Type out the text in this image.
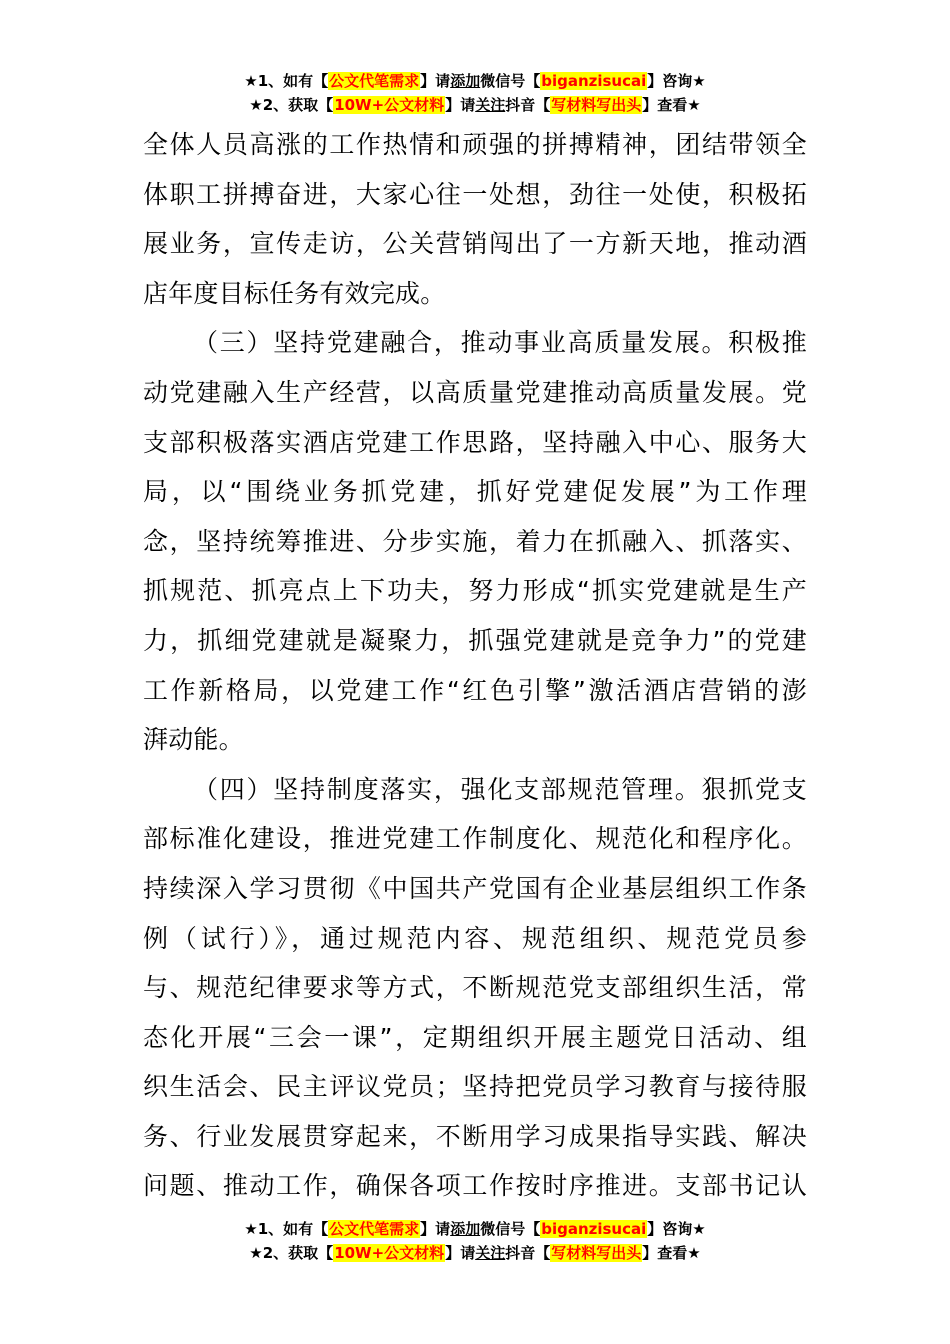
★1、如有【公文代笔需求】请添加微信号【biganzisucai】咨询★
★2、获取【10W+公文材料】请关注抖音【写材料写出头】查看★
全体人员高涨的工作热情和顽强的拼搏精神，团结带领全
体职工拼搏奋进，大家心往一处想，劲往一处使，积极拓
展业务，宣传走访，公关营销闯出了一方新天地，推动酒
店年度目标任务有效完成。
（三）坚持党建融合，推动事业高质量发展。积极推
动党建融入生产经营，以高质量党建推动高质量发展。党
支部积极落实酒店党建工作思路，坚持融入中心、服务大
局，以“围绕业务抓党建，抓好党建促发展”为工作理
念，坚持统筹推进、分步实施，着力在抓融入、抓落实、
抓规范、抓亮点上下功夫，努力形成“抓实党建就是生产
力，抓细党建就是凝聚力，抓强党建就是竞争力”的党建
工作新格局，以党建工作“红色引擎”激活酒店营销的澎
湃动能。
（四）坚持制度落实，强化支部规范管理。狠抓党支
部标准化建设，推进党建工作制度化、规范化和程序化。
持续深入学习贯彻《中国共产党国有企业基层组织工作条
例（试行）》，通过规范内容、规范组织、规范党员参
与、规范纪律要求等方式，不断规范党支部组织生活，常
态化开展“三会一课”，定期组织开展主题党日活动、组
织生活会、民主评议党员；坚持把党员学习教育与接待服
务、行业发展贯穿起来，不断用学习成果指导实践、解决
问题、推动工作，确保各项工作按时序推进。支部书记认
★1、如有【公文代笔需求】请添加微信号【biganzisucai】咨询★
★2、获取【10W+公文材料】请关注抖音【写材料写出头】查看★
